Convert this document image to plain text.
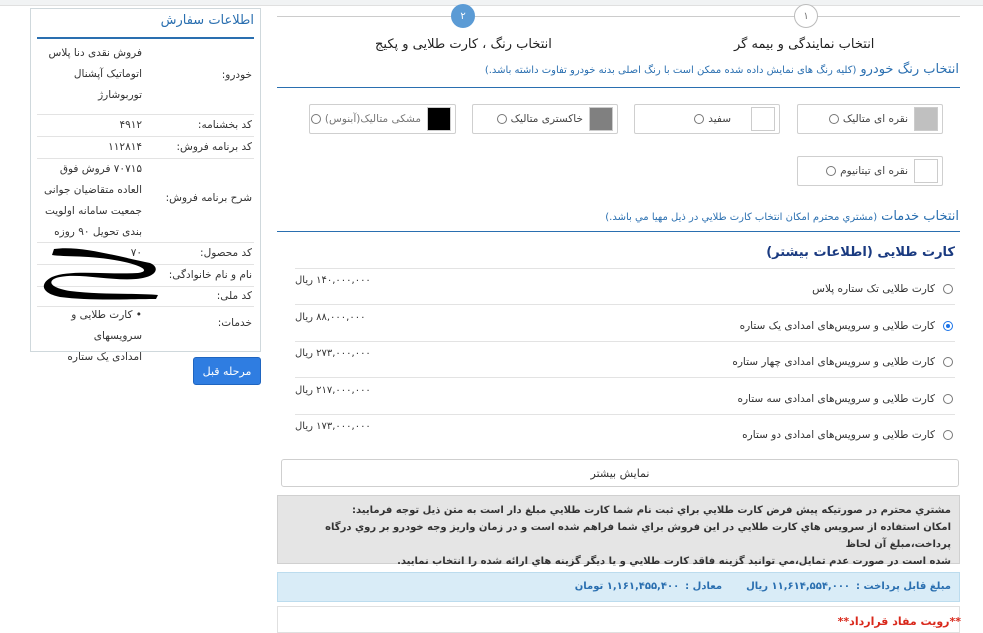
اطلاعات سفارش
خودرو:
فروش نقدی دنا پلاس
اتوماتیک آپشنال
توربوشارژ
کد بخشنامه:
۴۹۱۲
کد برنامه فروش:
۱۱۲۸۱۴
شرح برنامه فروش:
۷۰۷۱۵ فروش فوق
العاده متقاضیان جوانی
جمعیت سامانه اولویت
بندی تحویل ۹۰ روزه
کد محصول:
۷۰
نام و نام خانوادگی:
کد ملی:
خدمات:
• کارت طلایی و سرویسهای
امدادی یک ستاره
مرحله قبل
۲	۱
انتخاب رنگ ، کارت طلایی و پکیج	انتخاب نمایندگی و بیمه گر
انتخاب رنگ خودرو
(کلیه رنگ های نمایش داده شده ممکن است با رنگ اصلی بدنه خودرو تفاوت داشته باشد.)
نقره ای متالیک
سفید
خاکستری متالیک
مشکی متالیک(آبنوس)
نقره ای تیتانیوم
انتخاب خدمات
(مشتري محترم امکان انتخاب کارت طلايي در ذيل مهيا مي باشد.)
کارت طلایی (اطلاعات بیشتر)
۱۴۰,۰۰۰,۰۰۰ ریال
کارت طلایی تک ستاره پلاس
۸۸,۰۰۰,۰۰۰ ریال
کارت طلایی و سرویس‌های امدادی یک ستاره
۲۷۳,۰۰۰,۰۰۰ ریال
کارت طلایی و سرویس‌های امدادی چهار ستاره
۲۱۷,۰۰۰,۰۰۰ ریال
کارت طلایی و سرویس‌های امدادی سه ستاره
۱۷۳,۰۰۰,۰۰۰ ریال
کارت طلایی و سرویس‌های امدادی دو ستاره
نمایش بیشتر
مشتري محترم در صورتيکه پيش فرض کارت طلايي براي ثبت نام شما کارت طلايي مبلغ دار است به متن ذيل توجه فرماييد:
امکان استفاده از سرويس هاي کارت طلايي در اين فروش براي شما فراهم شده است و در زمان واريز وجه خودرو بر روي درگاه پرداخت،مبلغ آن لحاظ
شده است در صورت عدم تمايل،مي توانيد گزينه فاقد کارت طلايي و يا ديگر گزينه هاي ارائه شده را انتخاب نماييد.
مبلغ قابل پرداخت :
۱۱,۶۱۴,۵۵۴,۰۰۰ ریال
معادل :
۱,۱۶۱,۴۵۵,۴۰۰ تومان
**رویت مفاد قرارداد**
